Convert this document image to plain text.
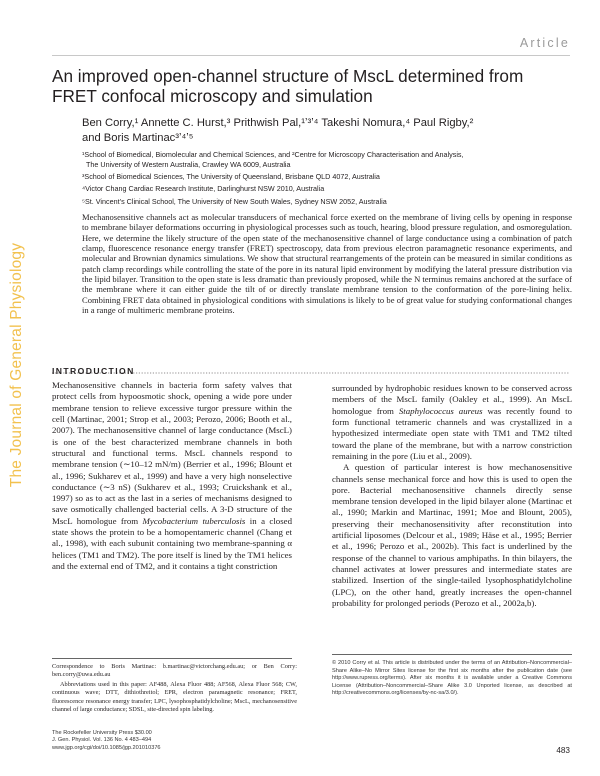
The Journal of General Physiology
Article
An improved open-channel structure of MscL determined from FRET confocal microscopy and simulation
Ben Corry,¹ Annette C. Hurst,³ Prithwish Pal,¹ʼ³ʼ⁴ Takeshi Nomura,⁴ Paul Rigby,²
and Boris Martinac³ʼ⁴ʼ⁵
¹School of Biomedical, Biomolecular and Chemical Sciences, and ²Centre for Microscopy Characterisation and Analysis,
The University of Western Australia, Crawley WA 6009, Australia
³School of Biomedical Sciences, The University of Queensland, Brisbane QLD 4072, Australia
⁴Victor Chang Cardiac Research Institute, Darlinghurst NSW 2010, Australia
⁵St. Vincent’s Clinical School, The University of New South Wales, Sydney NSW 2052, Australia

Mechanosensitive channels act as molecular transducers of mechanical force exerted on the membrane of living cells by opening in response to membrane bilayer deformations occurring in physiological processes such as touch, hearing, blood pressure regulation, and osmoregulation. Here, we determine the likely structure of the open state of the mechanosensitive channel of large conductance using a combination of patch clamp, fluorescence resonance energy transfer (FRET) spectroscopy, data from previous electron paramagnetic resonance experiments, and molecular and Brownian dynamics simulations. We show that structural rearrangements of the protein can be measured in similar conditions as patch clamp recordings while controlling the state of the pore in its natural lipid environment by modifying the lateral pressure distribution via the lipid bilayer. Transition to the open state is less dramatic than previously proposed, while the N terminus remains anchored at the surface of the membrane where it can either guide the tilt of or directly translate membrane tension to the conformation of the pore-lining helix. Combining FRET data obtained in physiological conditions with simulations is likely to be of great value for studying conformational changes in a range of multimeric membrane proteins.

INTRODUCTION

Mechanosensitive channels in bacteria form safety valves that protect cells from hypoosmotic shock, opening a wide pore under membrane tension to relieve excessive turgor pressure within the cell (Martinac, 2001; Strop et al., 2003; Perozo, 2006; Booth et al., 2007). The mechanosensitive channel of large conductance (MscL) is one of the best characterized membrane channels in both structural and functional terms. MscL channels respond to membrane tension (∼10–12 mN/m) (Berrier et al., 1996; Blount et al., 1996; Sukharev et al., 1999) and have a very high nonselective conductance (∼3 nS) (Sukharev et al., 1993; Cruickshank et al., 1997) so as to act as the last in a series of mechanisms designed to save osmotically challenged bacterial cells. A 3-D structure of the MscL homologue from Mycobacterium tuberculosis in a closed state shows the protein to be a homopentameric channel (Chang et al., 1998), with each subunit containing two membrane-spanning α helices (TM1 and TM2). The pore itself is lined by the TM1 helices and the external end of TM2, and it contains a tight constriction

surrounded by hydrophobic residues known to be conserved across members of the MscL family (Oakley et al., 1999). An MscL homologue from Staphylococcus aureus was recently found to form functional tetrameric channels and was crystallized in a hypothesized intermediate open state with TM1 and TM2 tilted toward the plane of the membrane, but with a narrow constriction remaining in the pore (Liu et al., 2009).

A question of particular interest is how mechanosensitive channels sense mechanical force and how this is used to open the pore. Bacterial mechanosensitive channels directly sense membrane tension developed in the lipid bilayer alone (Martinac et al., 1990; Markin and Martinac, 1991; Moe and Blount, 2005), preserving their mechanosensitivity after reconstitution into artificial liposomes (Delcour et al., 1989; Häse et al., 1995; Berrier et al., 1996; Perozo et al., 2002b). This fact is underlined by the response of the channel to various amphipaths. In thin bilayers, the channel activates at lower pressures and intermediate states are stabilized. Insertion of the single-tailed lysophosphatidylcholine (LPC), on the other hand, greatly increases the open-channel probability for prolonged periods (Perozo et al., 2002a,b).

Correspondence to Boris Martinac: b.martinac@victorchang.edu.au; or Ben Corry: ben.corry@uwa.edu.au

Abbreviations used in this paper: AF488, Alexa Fluor 488; AF568, Alexa Fluor 568; CW, continuous wave; DTT, dithiothreitol; EPR, electron paramagnetic resonance; FRET, fluorescence resonance energy transfer; LPC, lysophosphatidylcholine; MscL, mechanosensitive channel of large conductance; SDSL, site-directed spin labeling.

© 2010 Corry et al. This article is distributed under the terms of an Attribution–Noncommercial–Share Alike–No Mirror Sites license for the first six months after the publication date (see http://www.rupress.org/terms). After six months it is available under a Creative Commons License (Attribution–Noncommercial–Share Alike 3.0 Unported license, as described at http://creativecommons.org/licenses/by-nc-sa/3.0/).

The Rockefeller University Press $30.00
J. Gen. Physiol. Vol. 136 No. 4 483–494
www.jgp.org/cgi/doi/10.1085/jgp.201010376	483
